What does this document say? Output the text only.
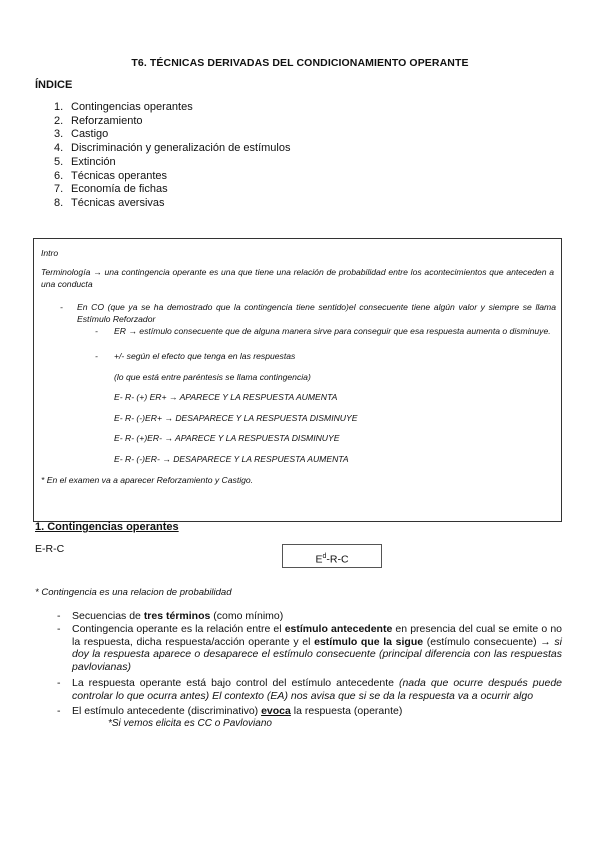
T6. TÉCNICAS DERIVADAS DEL CONDICIONAMIENTO OPERANTE
ÍNDICE
1. Contingencias operantes
2. Reforzamiento
3. Castigo
4. Discriminación y generalización de estímulos
5. Extinción
6. Técnicas operantes
7. Economía de fichas
8. Técnicas aversivas
Intro
Terminología → una contingencia operante es una que tiene una relación de probabilidad entre los acontecimientos que anteceden a una conducta
- En CO (que ya se ha demostrado que la contingencia tiene sentido)el consecuente tiene algún valor y siempre se llama Estímulo Reforzador
- ER → estímulo consecuente que de alguna manera sirve para conseguir que esa respuesta aumenta o disminuye.
- +/- según el efecto que tenga en las respuestas
(lo que está entre paréntesis se llama contingencia)
E- R- (+) ER+ → APARECE Y LA RESPUESTA AUMENTA
E- R- (-)ER+ → DESAPARECE Y LA RESPUESTA DISMINUYE
E- R- (+)ER- → APARECE Y LA RESPUESTA DISMINUYE
E- R- (-)ER- → DESAPARECE Y LA RESPUESTA AUMENTA
* En el examen va a aparecer Reforzamiento y Castigo.
1. Contingencias operantes
E-R-C
$E^d-R-C$
* Contingencia es una relacion de probabilidad
- Secuencias de tres términos (como mínimo)
- Contingencia operante es la relación entre el estímulo antecedente en presencia del cual se emite o no la respuesta, dicha respuesta/acción operante y el estímulo que la sigue (estímulo consecuente) → si doy la respuesta aparece o desaparece el estímulo consecuente (principal diferencia con las respuestas pavlovianas)
- La respuesta operante está bajo control del estímulo antecedente (nada que ocurre después puede controlar lo que ocurra antes) El contexto (EA) nos avisa que si se da la respuesta va a ocurrir algo
- El estímulo antecedente (discriminativo) evoca la respuesta (operante)
*Si vemos elicita es CC o Pavloviano
